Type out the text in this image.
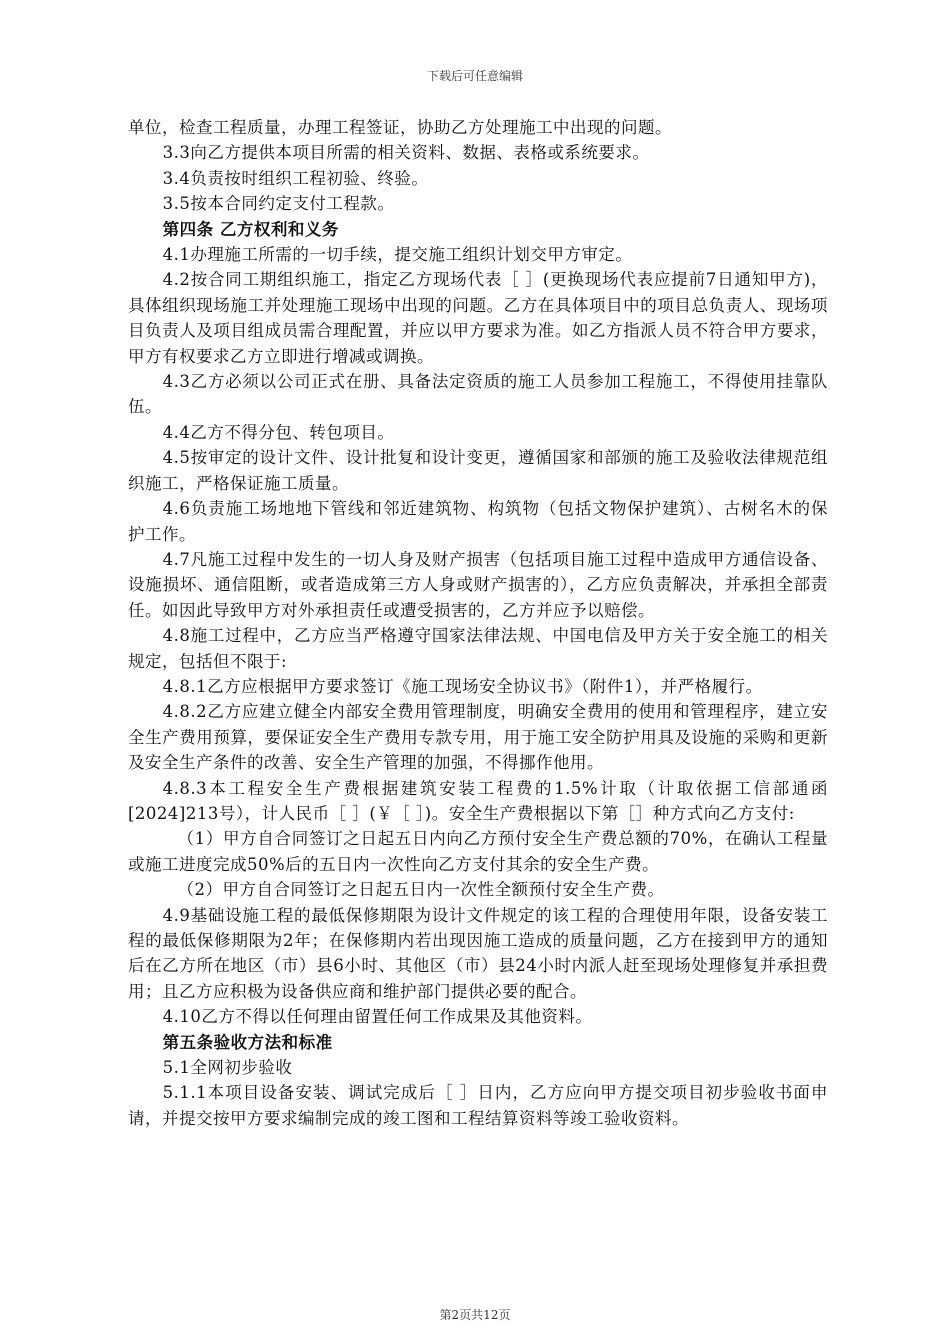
下载后可任意编辑

单位，检查工程质量，办理工程签证，协助乙方处理施工中出现的问题。

3.3向乙方提供本项目所需的相关资料、数据、表格或系统要求。

3.4负责按时组织工程初验、终验。

3.5按本合同约定支付工程款。

第四条 乙方权利和义务

4.1办理施工所需的一切手续，提交施工组织计划交甲方审定。

4.2按合同工期组织施工，指定乙方现场代表［ ］(更换现场代表应提前7日通知甲方)，具体组织现场施工并处理施工现场中出现的问题。乙方在具体项目中的项目总负责人、现场项目负责人及项目组成员需合理配置，并应以甲方要求为准。如乙方指派人员不符合甲方要求，甲方有权要求乙方立即进行增减或调换。

4.3乙方必须以公司正式在册、具备法定资质的施工人员参加工程施工，不得使用挂靠队伍。

4.4乙方不得分包、转包项目。

4.5按审定的设计文件、设计批复和设计变更，遵循国家和部颁的施工及验收法律规范组织施工，严格保证施工质量。

4.6负责施工场地地下管线和邻近建筑物、构筑物（包括文物保护建筑）、古树名木的保护工作。

4.7凡施工过程中发生的一切人身及财产损害（包括项目施工过程中造成甲方通信设备、设施损坏、通信阻断，或者造成第三方人身或财产损害的），乙方应负责解决，并承担全部责任。如因此导致甲方对外承担责任或遭受损害的，乙方并应予以赔偿。

4.8施工过程中，乙方应当严格遵守国家法律法规、中国电信及甲方关于安全施工的相关规定，包括但不限于:

4.8.1乙方应根据甲方要求签订《施工现场安全协议书》（附件1），并严格履行。

4.8.2乙方应建立健全内部安全费用管理制度，明确安全费用的使用和管理程序，建立安全生产费用预算，要保证安全生产费用专款专用，用于施工安全防护用具及设施的采购和更新及安全生产条件的改善、安全生产管理的加强，不得挪作他用。

4.8.3本工程安全生产费根据建筑安装工程费的1.5%计取（计取依据工信部通函[2024]213号），计人民币［ ］(￥［ ］)。安全生产费根据以下第［］种方式向乙方支付:

（1）甲方自合同签订之日起五日内向乙方预付安全生产费总额的70%，在确认工程量或施工进度完成50%后的五日内一次性向乙方支付其余的安全生产费。

（2）甲方自合同签订之日起五日内一次性全额预付安全生产费。

4.9基础设施工程的最低保修期限为设计文件规定的该工程的合理使用年限，设备安装工程的最低保修期限为2年；在保修期内若出现因施工造成的质量问题，乙方在接到甲方的通知后在乙方所在地区（市）县6小时、其他区（市）县24小时内派人赶至现场处理修复并承担费用；且乙方应积极为设备供应商和维护部门提供必要的配合。

4.10乙方不得以任何理由留置任何工作成果及其他资料。

第五条验收方法和标准

5.1全网初步验收

5.1.1本项目设备安装、调试完成后［ ］日内，乙方应向甲方提交项目初步验收书面申请，并提交按甲方要求编制完成的竣工图和工程结算资料等竣工验收资料。

第2页共12页
